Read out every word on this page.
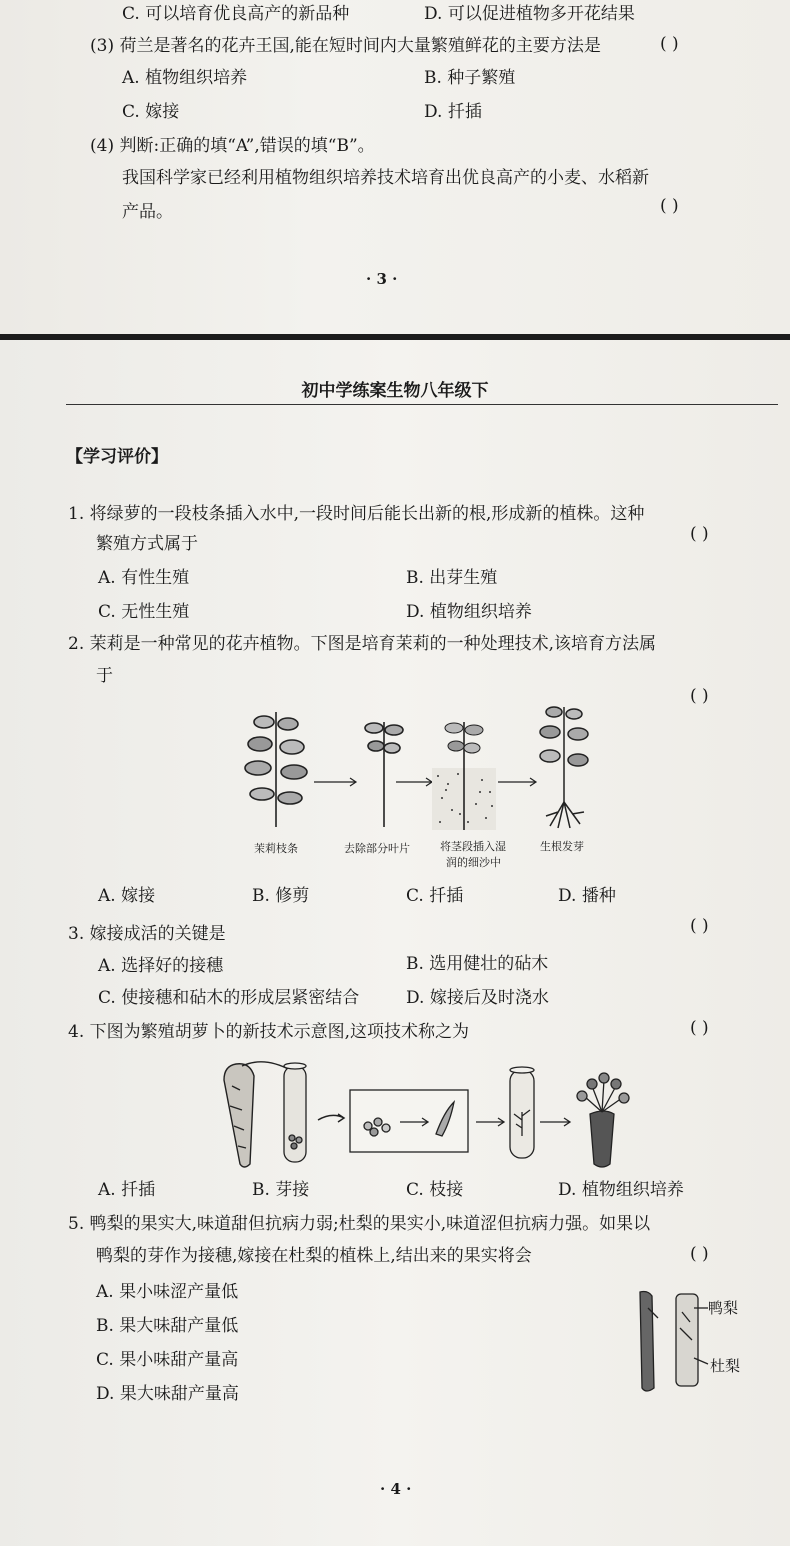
C. 可以培育优良高产的新品种	D. 可以促进植物多开花结果
(3) 荷兰是著名的花卉王国,能在短时间内大量繁殖鲜花的主要方法是
A. 植物组织培养	B. 种子繁殖
C. 嫁接	D. 扦插
(4) 判断:正确的填“A”,错误的填“B”。
我国科学家已经利用植物组织培养技术培育出优良高产的小麦、水稻新
产品。
( )
( )
· 3 ·
初中学练案生物八年级下
【学习评价】
1. 将绿萝的一段枝条插入水中,一段时间后能长出新的根,形成新的植株。这种
繁殖方式属于
A. 有性生殖	B. 出芽生殖
C. 无性生殖	D. 植物组织培养
2. 茉莉是一种常见的花卉植物。下图是培育茉莉的一种处理技术,该培育方法属
于
A. 嫁接	B. 修剪	C. 扦插	D. 播种
3. 嫁接成活的关键是
A. 选择好的接穗	B. 选用健壮的砧木
C. 使接穗和砧木的形成层紧密结合	D. 嫁接后及时浇水
4. 下图为繁殖胡萝卜的新技术示意图,这项技术称之为
A. 扦插	B. 芽接	C. 枝接	D. 植物组织培养
5. 鸭梨的果实大,味道甜但抗病力弱;杜梨的果实小,味道涩但抗病力强。如果以
鸭梨的芽作为接穗,嫁接在杜梨的植株上,结出来的果实将会
A. 果小味涩产量低
B. 果大味甜产量低
C. 果小味甜产量高
D. 果大味甜产量高
( )
( )
( )
( )
( )
茉莉枝条	去除部分叶片	将茎段插入湿
润的细沙中
生根发芽
鸭梨
杜梨
· 4 ·
